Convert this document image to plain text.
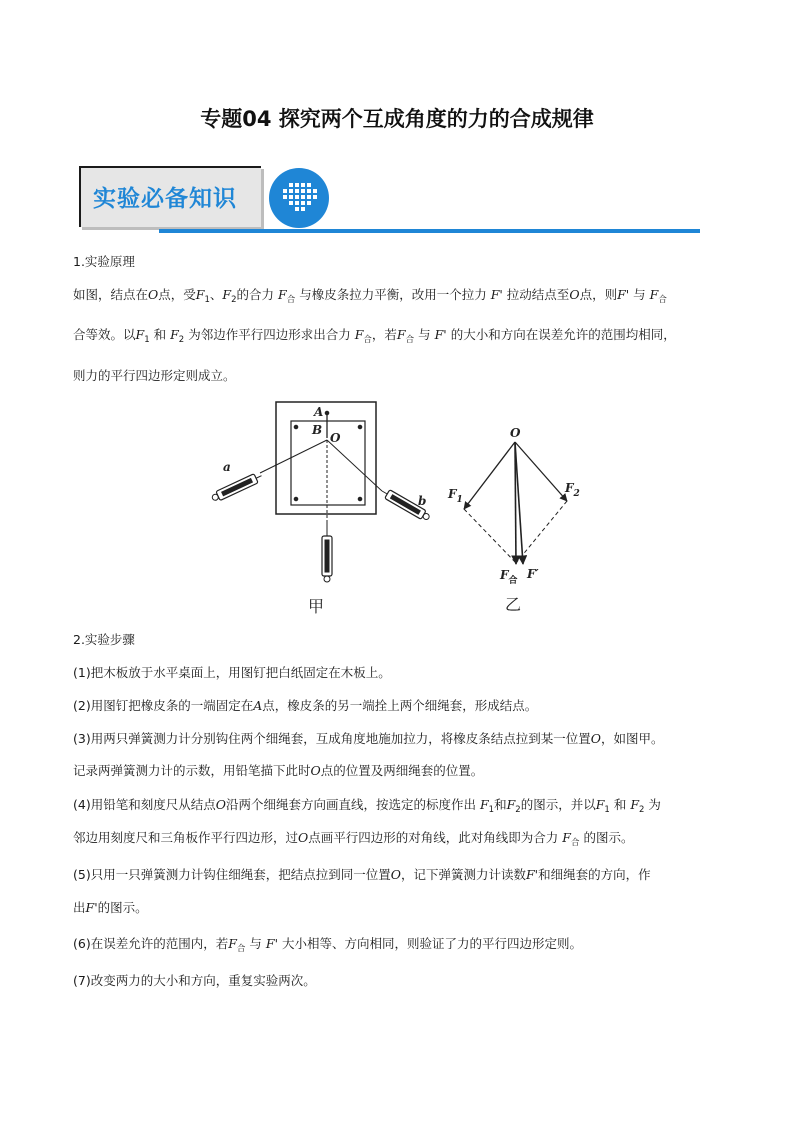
专题04 探究两个互成角度的力的合成规律
实验必备知识
1.实验原理
如图，结点在O点，受$F_1$、$F_2$的合力 $F_合$ 与橡皮条拉力平衡，改用一个拉力 F' 拉动结点至O点，则F' 与 $F_合$
合等效。以$F_1$ 和 $F_2$ 为邻边作平行四边形求出合力 $F_合$，若$F_合$ 与 F' 的大小和方向在误差允许的范围均相同，
则力的平行四边形定则成立。
A
B
O
a
b
甲
O
$F_1$
$F_2$
$F_合$ F′
乙
2.实验步骤
(1)把木板放于水平桌面上，用图钉把白纸固定在木板上。
(2)用图钉把橡皮条的一端固定在A点，橡皮条的另一端拴上两个细绳套，形成结点。
(3)用两只弹簧测力计分别钩住两个细绳套，互成角度地施加拉力，将橡皮条结点拉到某一位置O，如图甲。
记录两弹簧测力计的示数，用铅笔描下此时O点的位置及两细绳套的位置。
(4)用铅笔和刻度尺从结点O沿两个细绳套方向画直线，按选定的标度作出 $F_1$和$F_2$的图示，并以$F_1$ 和 $F_2$ 为
邻边用刻度尺和三角板作平行四边形，过O点画平行四边形的对角线，此对角线即为合力 $F_合$ 的图示。
(5)只用一只弹簧测力计钩住细绳套，把结点拉到同一位置O，记下弹簧测力计读数F'和细绳套的方向，作
出F'的图示。
(6)在误差允许的范围内，若$F_合$ 与 F' 大小相等、方向相同，则验证了力的平行四边形定则。
(7)改变两力的大小和方向，重复实验两次。
